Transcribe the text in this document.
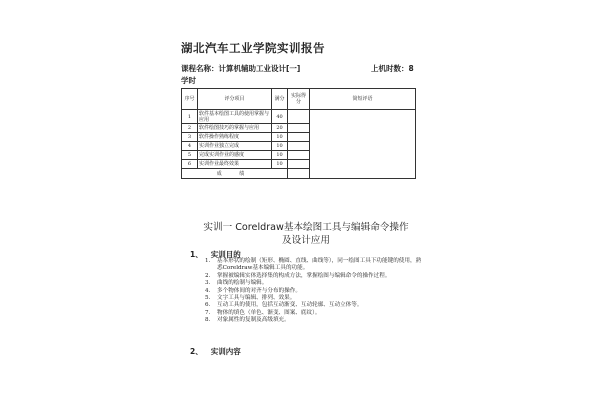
湖北汽车工业学院实训报告
课程名称：计算机辅助工业设计[一]	上机时数：8
学时
序号	评分项目	满分	实际得分	简短评语
1	软件基本绘图工具的使用掌握与应用	40		
2	软件绘图技巧的掌握与应用	20		
3	软件操作熟练程度	10		
4	实训作业独立完成	10		
5	完成实训作业的感度	10		
6	实训作业最终效果	10		
成 绩				
实训一 Coreldraw基本绘图工具与编辑命令操作
及设计应用
1、 实训目的
1. 基本形状的绘制（矩形、椭圆、直线、曲线等），同一绘图工具下功能键的使用，熟悉Coreldraw基本编辑工具的功能。
2. 掌握被编辑实体选择集的构成方法，掌握绘图与编辑命令的操作过程。
3. 曲线的绘制与编辑。
4. 多个物体间的对齐与分布的操作。
5. 文字工具与编辑、排列、效果。
6. 互动工具的使用，包括互动渐变、互动轮廓、互动立体等。
7. 物体的填色（单色、渐变、图案、底纹）。
8. 对象属性的复制及高级填充。
2、 实训内容
